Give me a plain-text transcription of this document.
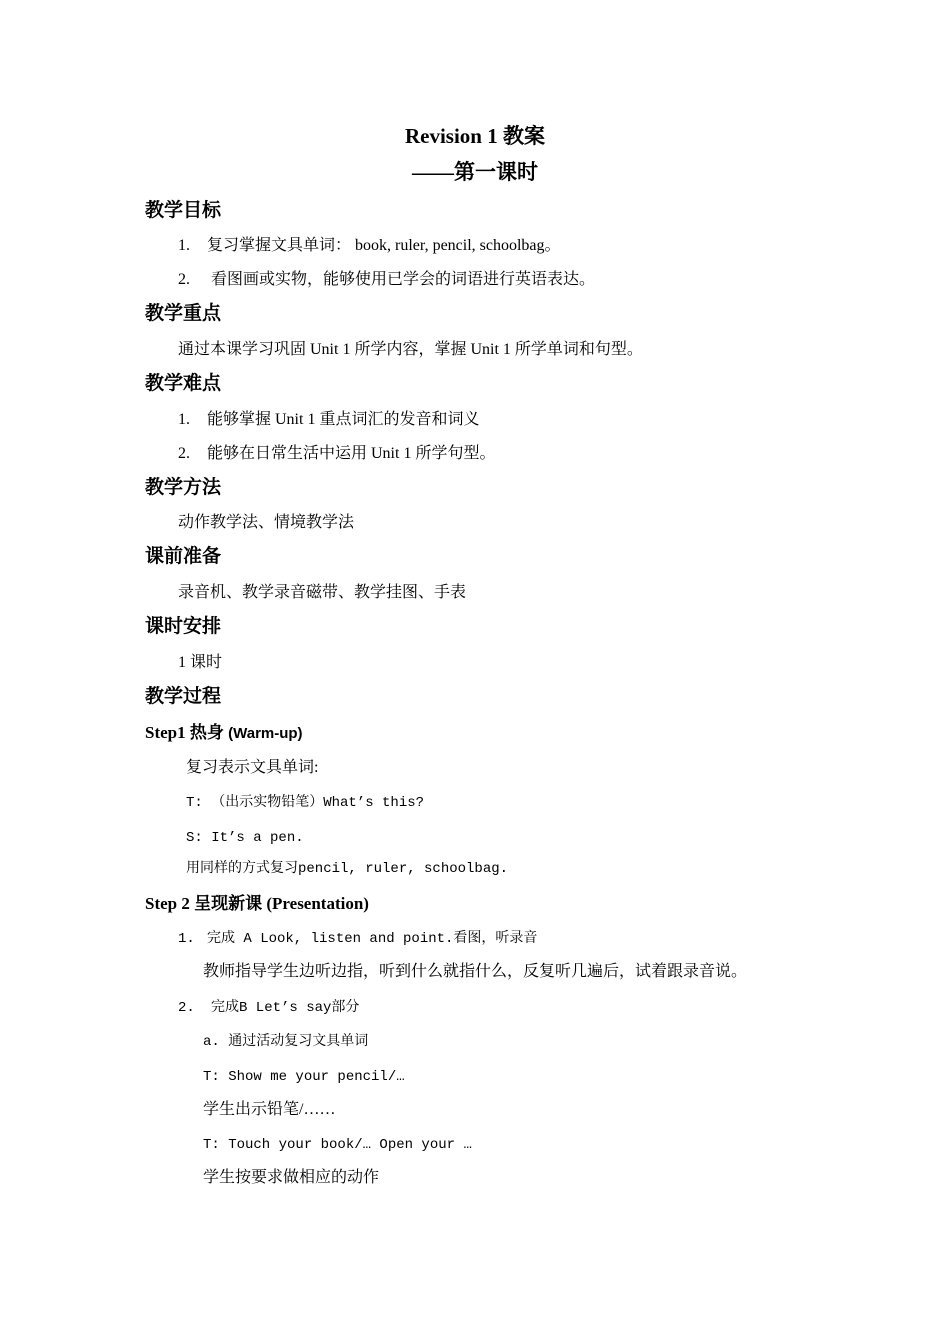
Revision 1 教案
——第一课时
教学目标
1. 复习掌握文具单词： book, ruler, pencil, schoolbag。
2. 看图画或实物，能够使用已学会的词语进行英语表达。
教学重点
通过本课学习巩固 Unit 1 所学内容，掌握 Unit 1 所学单词和句型。
教学难点
1. 能够掌握 Unit 1 重点词汇的发音和词义
2. 能够在日常生活中运用 Unit 1 所学句型。
教学方法
动作教学法、情境教学法
课前准备
录音机、教学录音磁带、教学挂图、手表
课时安排
1 课时
教学过程
Step1 热身 (Warm-up)
复习表示文具单词:
T: （出示实物铅笔）What’s this?
S: It’s a pen.
用同样的方式复习pencil, ruler, schoolbag.
Step 2 呈现新课 (Presentation)
1. 完成 A Look, listen and point.看图，听录音
教师指导学生边听边指，听到什么就指什么，反复听几遍后，试着跟录音说。
2. 完成B Let’s say部分
a. 通过活动复习文具单词
T: Show me your pencil/…
学生出示铅笔/……
T: Touch your book/… Open your …
学生按要求做相应的动作
